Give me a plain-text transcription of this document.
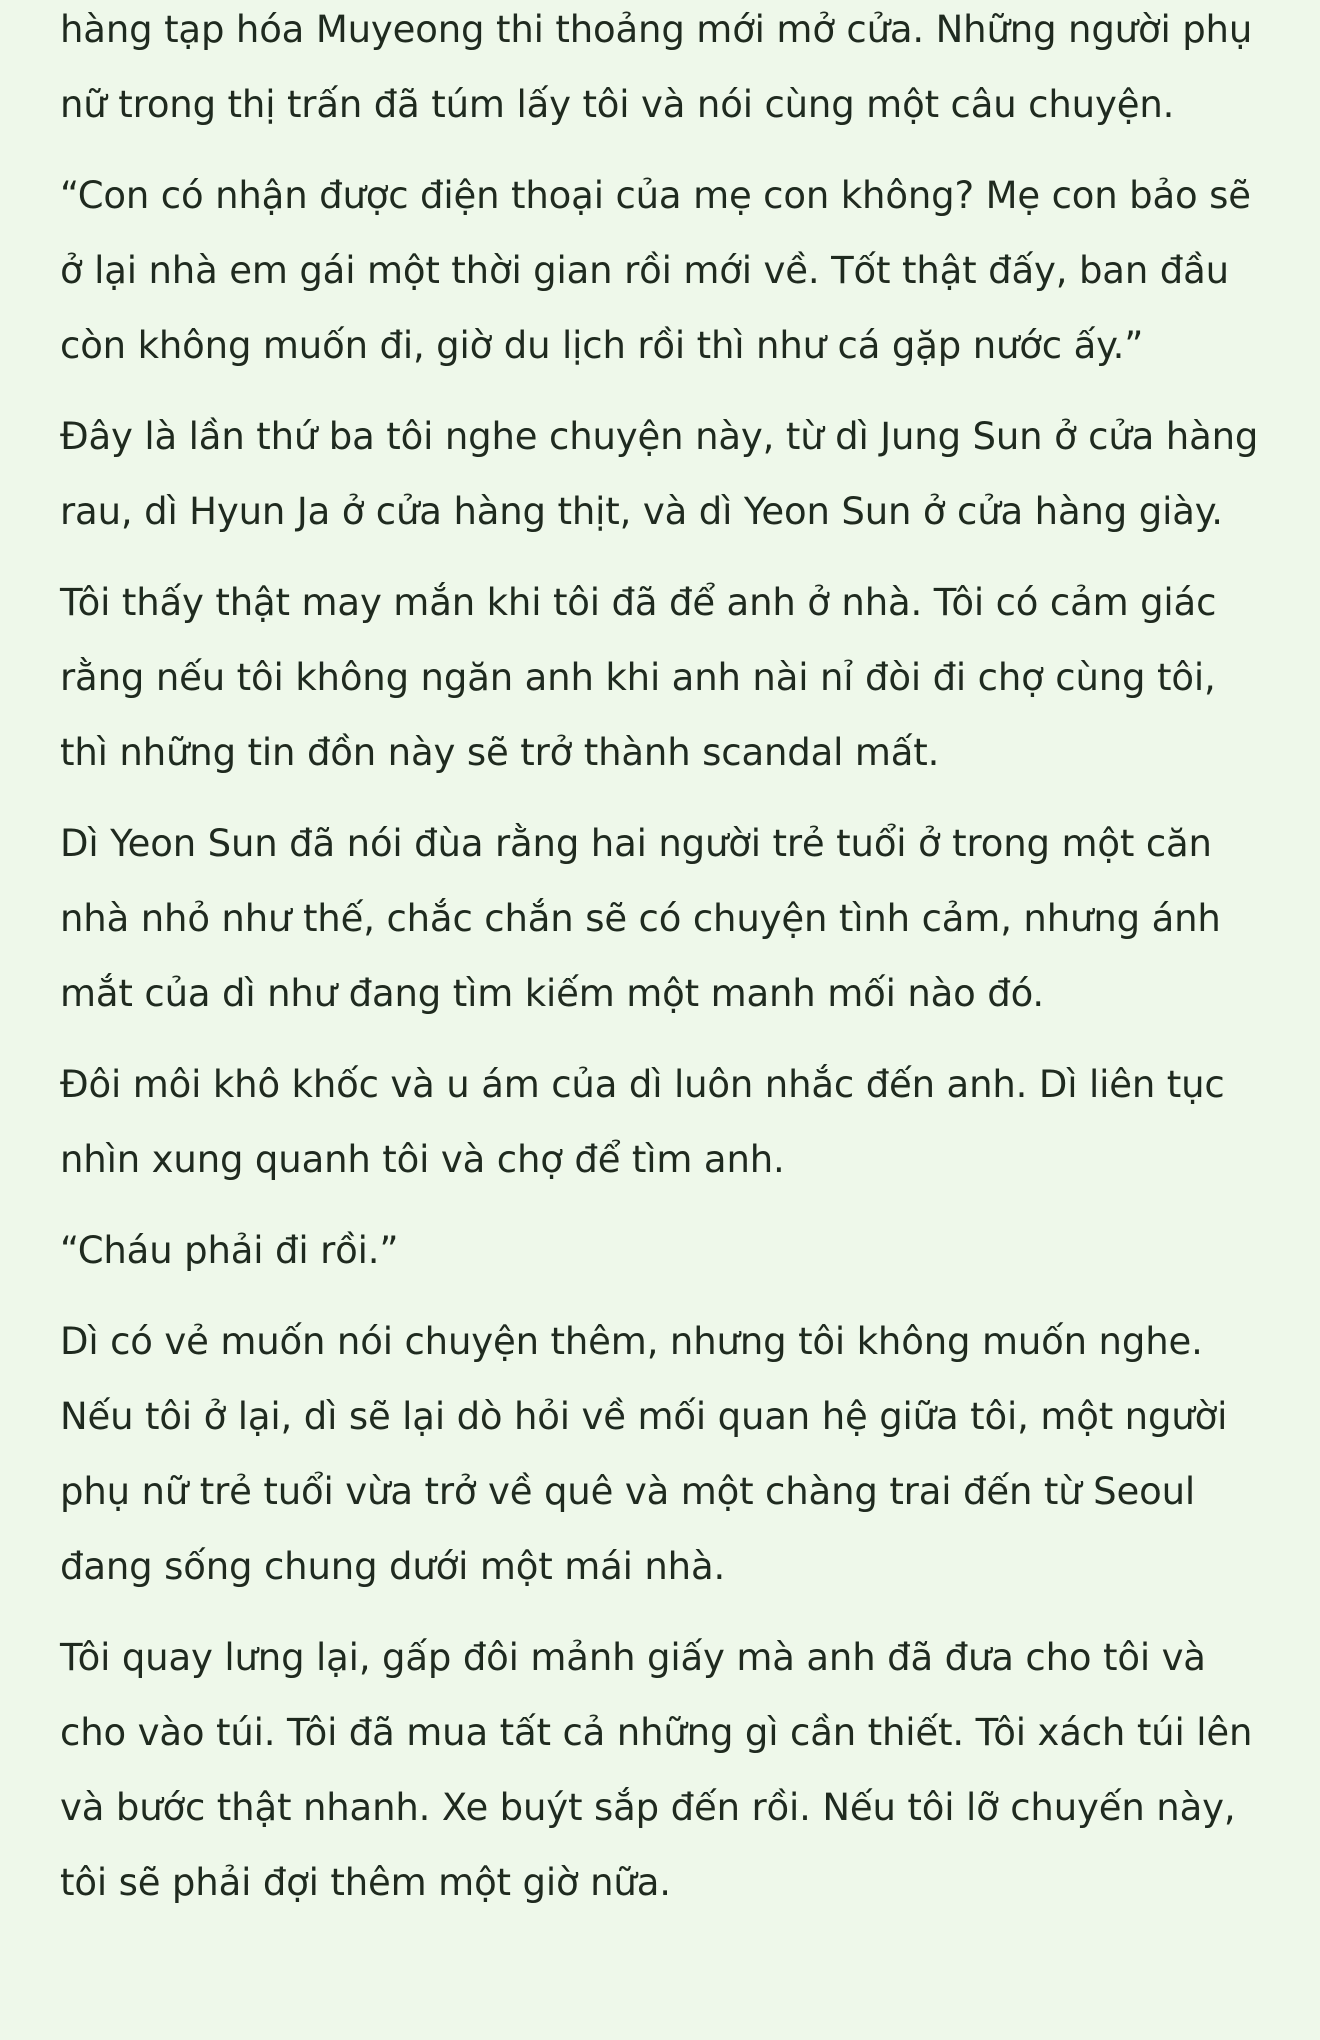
hàng tạp hóa Muyeong thi thoảng mới mở cửa. Những người phụ nữ trong thị trấn đã túm lấy tôi và nói cùng một câu chuyện.

“Con có nhận được điện thoại của mẹ con không? Mẹ con bảo sẽ ở lại nhà em gái một thời gian rồi mới về. Tốt thật đấy, ban đầu còn không muốn đi, giờ du lịch rồi thì như cá gặp nước ấy.”

Đây là lần thứ ba tôi nghe chuyện này, từ dì Jung Sun ở cửa hàng rau, dì Hyun Ja ở cửa hàng thịt, và dì Yeon Sun ở cửa hàng giày.

Tôi thấy thật may mắn khi tôi đã để anh ở nhà. Tôi có cảm giác rằng nếu tôi không ngăn anh khi anh nài nỉ đòi đi chợ cùng tôi, thì những tin đồn này sẽ trở thành scandal mất.

Dì Yeon Sun đã nói đùa rằng hai người trẻ tuổi ở trong một căn nhà nhỏ như thế, chắc chắn sẽ có chuyện tình cảm, nhưng ánh mắt của dì như đang tìm kiếm một manh mối nào đó.

Đôi môi khô khốc và u ám của dì luôn nhắc đến anh. Dì liên tục nhìn xung quanh tôi và chợ để tìm anh.

“Cháu phải đi rồi.”

Dì có vẻ muốn nói chuyện thêm, nhưng tôi không muốn nghe. Nếu tôi ở lại, dì sẽ lại dò hỏi về mối quan hệ giữa tôi, một người phụ nữ trẻ tuổi vừa trở về quê và một chàng trai đến từ Seoul đang sống chung dưới một mái nhà.

Tôi quay lưng lại, gấp đôi mảnh giấy mà anh đã đưa cho tôi và cho vào túi. Tôi đã mua tất cả những gì cần thiết. Tôi xách túi lên và bước thật nhanh. Xe buýt sắp đến rồi. Nếu tôi lỡ chuyến này, tôi sẽ phải đợi thêm một giờ nữa.
